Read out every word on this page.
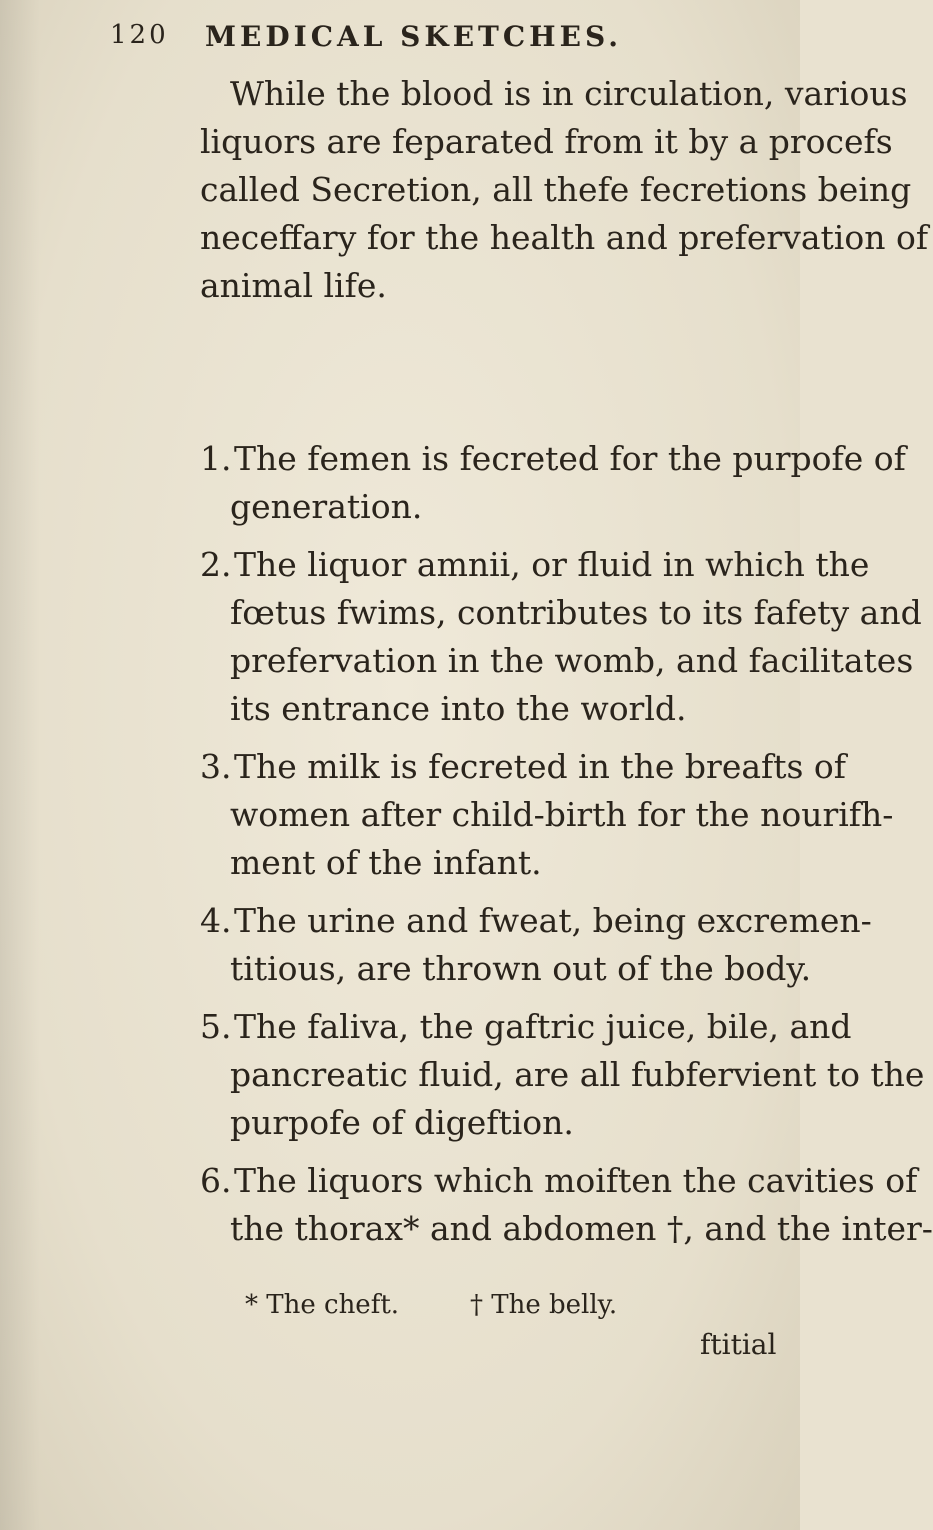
120 MEDICAL SKETCHES.
While the blood is in circulation, various
liquors are feparated from it by a procefs
called Secretion, all thefe fecretions being
neceffary for the health and prefervation of
animal life.
1.The femen is fecreted for the purpofe of
generation.
2.The liquor amnii, or fluid in which the
fœtus fwims, contributes to its fafety and
prefervation in the womb, and facilitates
its entrance into the world.
3.The milk is fecreted in the breafts of
women after child-birth for the nourifh-
ment of the infant.
4.The urine and fweat, being excremen-
titious, are thrown out of the body.
5.The faliva, the gaftric juice, bile, and
pancreatic fluid, are all fubfervient to the
purpofe of digeftion.
6.The liquors which moiften the cavities of
the thorax* and abdomen †, and the inter-
* The cheft.	† The belly.
ftitial
